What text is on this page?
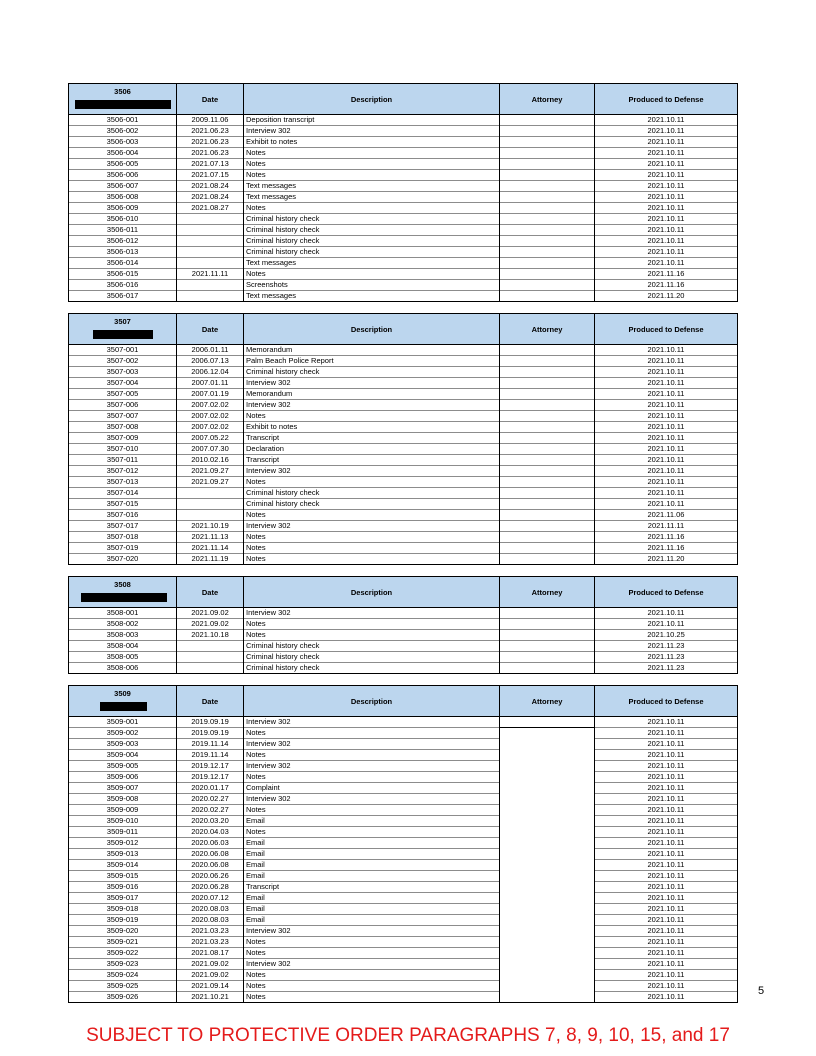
3506	Date	Description	Attorney	Produced to Defense
3506-001	2009.11.06	Deposition transcript		2021.10.11
3506-002	2021.06.23	Interview 302		2021.10.11
3506-003	2021.06.23	Exhibit to notes		2021.10.11
3506-004	2021.06.23	Notes		2021.10.11
3506-005	2021.07.13	Notes		2021.10.11
3506-006	2021.07.15	Notes		2021.10.11
3506-007	2021.08.24	Text messages		2021.10.11
3506-008	2021.08.24	Text messages		2021.10.11
3506-009	2021.08.27	Notes		2021.10.11
3506-010		Criminal history check		2021.10.11
3506-011		Criminal history check		2021.10.11
3506-012		Criminal history check		2021.10.11
3506-013		Criminal history check		2021.10.11
3506-014		Text messages		2021.10.11
3506-015	2021.11.11	Notes		2021.11.16
3506-016		Screenshots		2021.11.16
3506-017		Text messages		2021.11.20
3507	Date	Description	Attorney	Produced to Defense
3507-001	2006.01.11	Memorandum		2021.10.11
3507-002	2006.07.13	Palm Beach Police Report		2021.10.11
3507-003	2006.12.04	Criminal history check		2021.10.11
3507-004	2007.01.11	Interview 302		2021.10.11
3507-005	2007.01.19	Memorandum		2021.10.11
3507-006	2007.02.02	Interview 302		2021.10.11
3507-007	2007.02.02	Notes		2021.10.11
3507-008	2007.02.02	Exhibit to notes		2021.10.11
3507-009	2007.05.22	Transcript		2021.10.11
3507-010	2007.07.30	Declaration		2021.10.11
3507-011	2010.02.16	Transcript		2021.10.11
3507-012	2021.09.27	Interview 302		2021.10.11
3507-013	2021.09.27	Notes		2021.10.11
3507-014		Criminal history check		2021.10.11
3507-015		Criminal history check		2021.10.11
3507-016		Notes		2021.11.06
3507-017	2021.10.19	Interview 302		2021.11.11
3507-018	2021.11.13	Notes		2021.11.16
3507-019	2021.11.14	Notes		2021.11.16
3507-020	2021.11.19	Notes		2021.11.20
3508	Date	Description	Attorney	Produced to Defense
3508-001	2021.09.02	Interview 302		2021.10.11
3508-002	2021.09.02	Notes		2021.10.11
3508-003	2021.10.18	Notes		2021.10.25
3508-004		Criminal history check		2021.11.23
3508-005		Criminal history check		2021.11.23
3508-006		Criminal history check		2021.11.23
3509	Date	Description	Attorney	Produced to Defense
3509-001	2019.09.19	Interview 302		2021.10.11
3509-002	2019.09.19	Notes		2021.10.11
3509-003	2019.11.14	Interview 302		2021.10.11
3509-004	2019.11.14	Notes		2021.10.11
3509-005	2019.12.17	Interview 302		2021.10.11
3509-006	2019.12.17	Notes		2021.10.11
3509-007	2020.01.17	Complaint		2021.10.11
3509-008	2020.02.27	Interview 302		2021.10.11
3509-009	2020.02.27	Notes		2021.10.11
3509-010	2020.03.20	Email		2021.10.11
3509-011	2020.04.03	Notes		2021.10.11
3509-012	2020.06.03	Email		2021.10.11
3509-013	2020.06.08	Email		2021.10.11
3509-014	2020.06.08	Email		2021.10.11
3509-015	2020.06.26	Email		2021.10.11
3509-016	2020.06.28	Transcript		2021.10.11
3509-017	2020.07.12	Email		2021.10.11
3509-018	2020.08.03	Email		2021.10.11
3509-019	2020.08.03	Email		2021.10.11
3509-020	2021.03.23	Interview 302		2021.10.11
3509-021	2021.03.23	Notes		2021.10.11
3509-022	2021.08.17	Notes		2021.10.11
3509-023	2021.09.02	Interview 302		2021.10.11
3509-024	2021.09.02	Notes		2021.10.11
3509-025	2021.09.14	Notes		2021.10.11
3509-026	2021.10.21	Notes		2021.10.11	5
SUBJECT TO PROTECTIVE ORDER PARAGRAPHS 7, 8, 9, 10, 15, and 17
